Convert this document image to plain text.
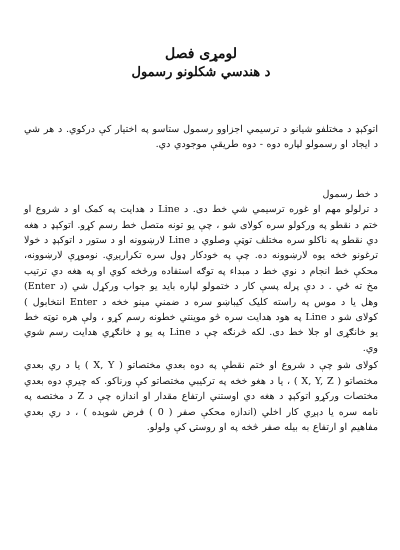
لومړی فصل
د هندسي شکلونو رسمول

اتوکېډ د مختلفو شيانو د ترسيمي اجزاوو رسمول ستاسو په اختيار کې درکوي. د هر شي د ايجاد او رسمولو لپاره دوه - دوه طريقې موجودي دي.

د خط رسمول

د ترلولو مهم او غوره ترسيمي شي خط دی. د Line د هدايت په کمک او د شروع او ختم د نقطو په ورکولو سره کولای شو ، چې يو تونه متصل خط رسم کړو. اتوکېډ د هغه دي نقطو په ناکلو سره مختلف توټې وصلوي د Line لارښوونه او د ستور د اتوکېډ د خولا ترغونو خخه يوه لارښوونه ده. چې په خودکار ډول سره تکرارېږي. نوموړې لارښوونه، محکې خط انجام د نوي خط د مبداء په توګه استفاده ورڅخه کوي او په هغه دي ترتيب مخ ته ځي . د دې پرله پسې کار د ختمولو لپاره بايد يو جواب ورکړل شي (د Enter) وهل يا د موس په راسته کليک کيباښو سره د ضمني مينو خخه د Enter انتخابول ) کولای شو د Line په هود هدايت سره څو موينتي خطونه رسم کړو ، ولې هره توټه خط يو خانګړی او جلا خط دی. لکه څرنګه چې د Line په يو ډ خانګړي هدايت رسم شوي وي.

کولای شو چې د شروع او ختم نقطې په دوه بعدي مختصاتو ( X, Y ) يا د ري بعدي مختصاتو ( X, Y, Z ) ، يا د هغو خخه په ترکيبي مختصاتو کې ورناکو. که چيرې دوه بعدي مختصات ورکړو اتوکېډ د هغه دي اوستني ارتفاع مقدار او اندازه چې د Z د مختصه په نامه سره يا دېږي کار اخلي (اندازه محکې صفر ( 0 ) فرض شوېده ) ، د ري بعدي مفاهيم او ارتفاع به بيله صفر څخه په او روستۍ کې ولولو.
